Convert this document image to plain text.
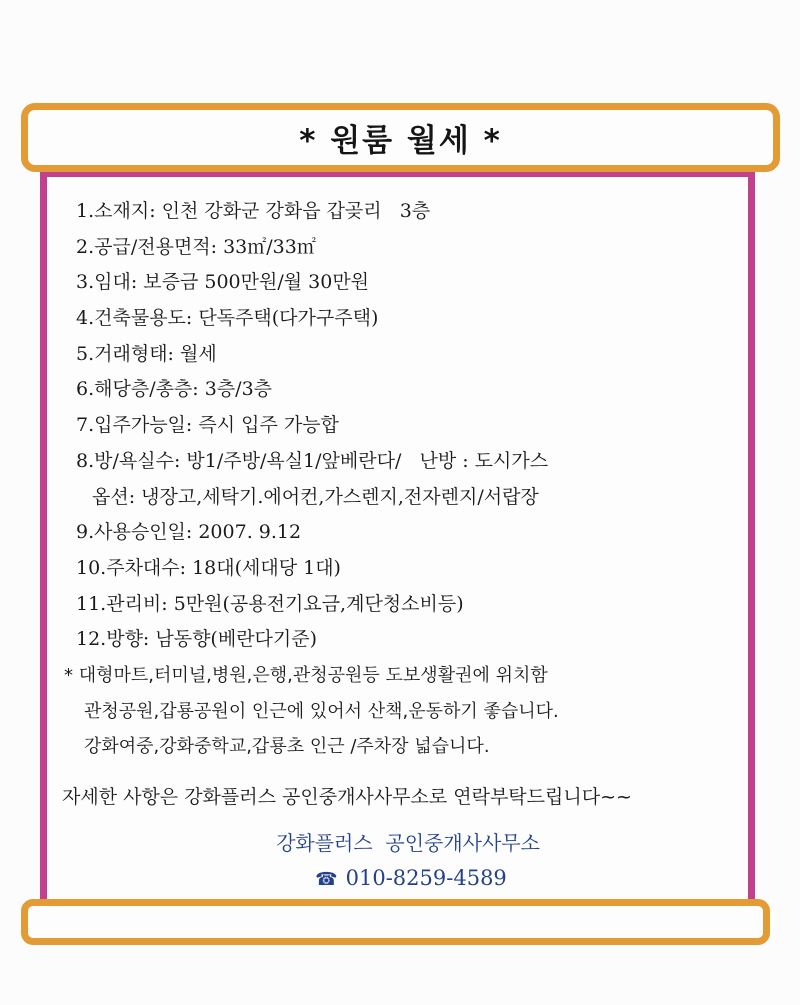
* 원룸 월세 *
1.소재지: 인천 강화군 강화읍 갑곶리   3층
2.공급/전용면적: 33㎡/33㎡
3.임대: 보증금 500만원/월 30만원
4.건축물용도: 단독주택(다가구주택)
5.거래형태: 월세
6.해당층/총층: 3층/3층
7.입주가능일: 즉시 입주 가능합
8.방/욕실수: 방1/주방/욕실1/앞베란다/   난방 : 도시가스
옵션: 냉장고,세탁기.에어컨,가스렌지,전자렌지/서랍장
9.사용승인일: 2007. 9.12
10.주차대수: 18대(세대당 1대)
11.관리비: 5만원(공용전기요금,계단청소비등)
12.방향: 남동향(베란다기준)
* 대형마트,터미널,병원,은행,관청공원등 도보생활권에 위치함
관청공원,갑룡공원이 인근에 있어서 산책,운동하기 좋습니다.
강화여중,강화중학교,갑룡초 인근 /주차장 넓습니다.
자세한 사항은 강화플러스 공인중개사사무소로 연락부탁드립니다~~
강화플러스  공인중개사사무소
☎ 010-8259-4589
